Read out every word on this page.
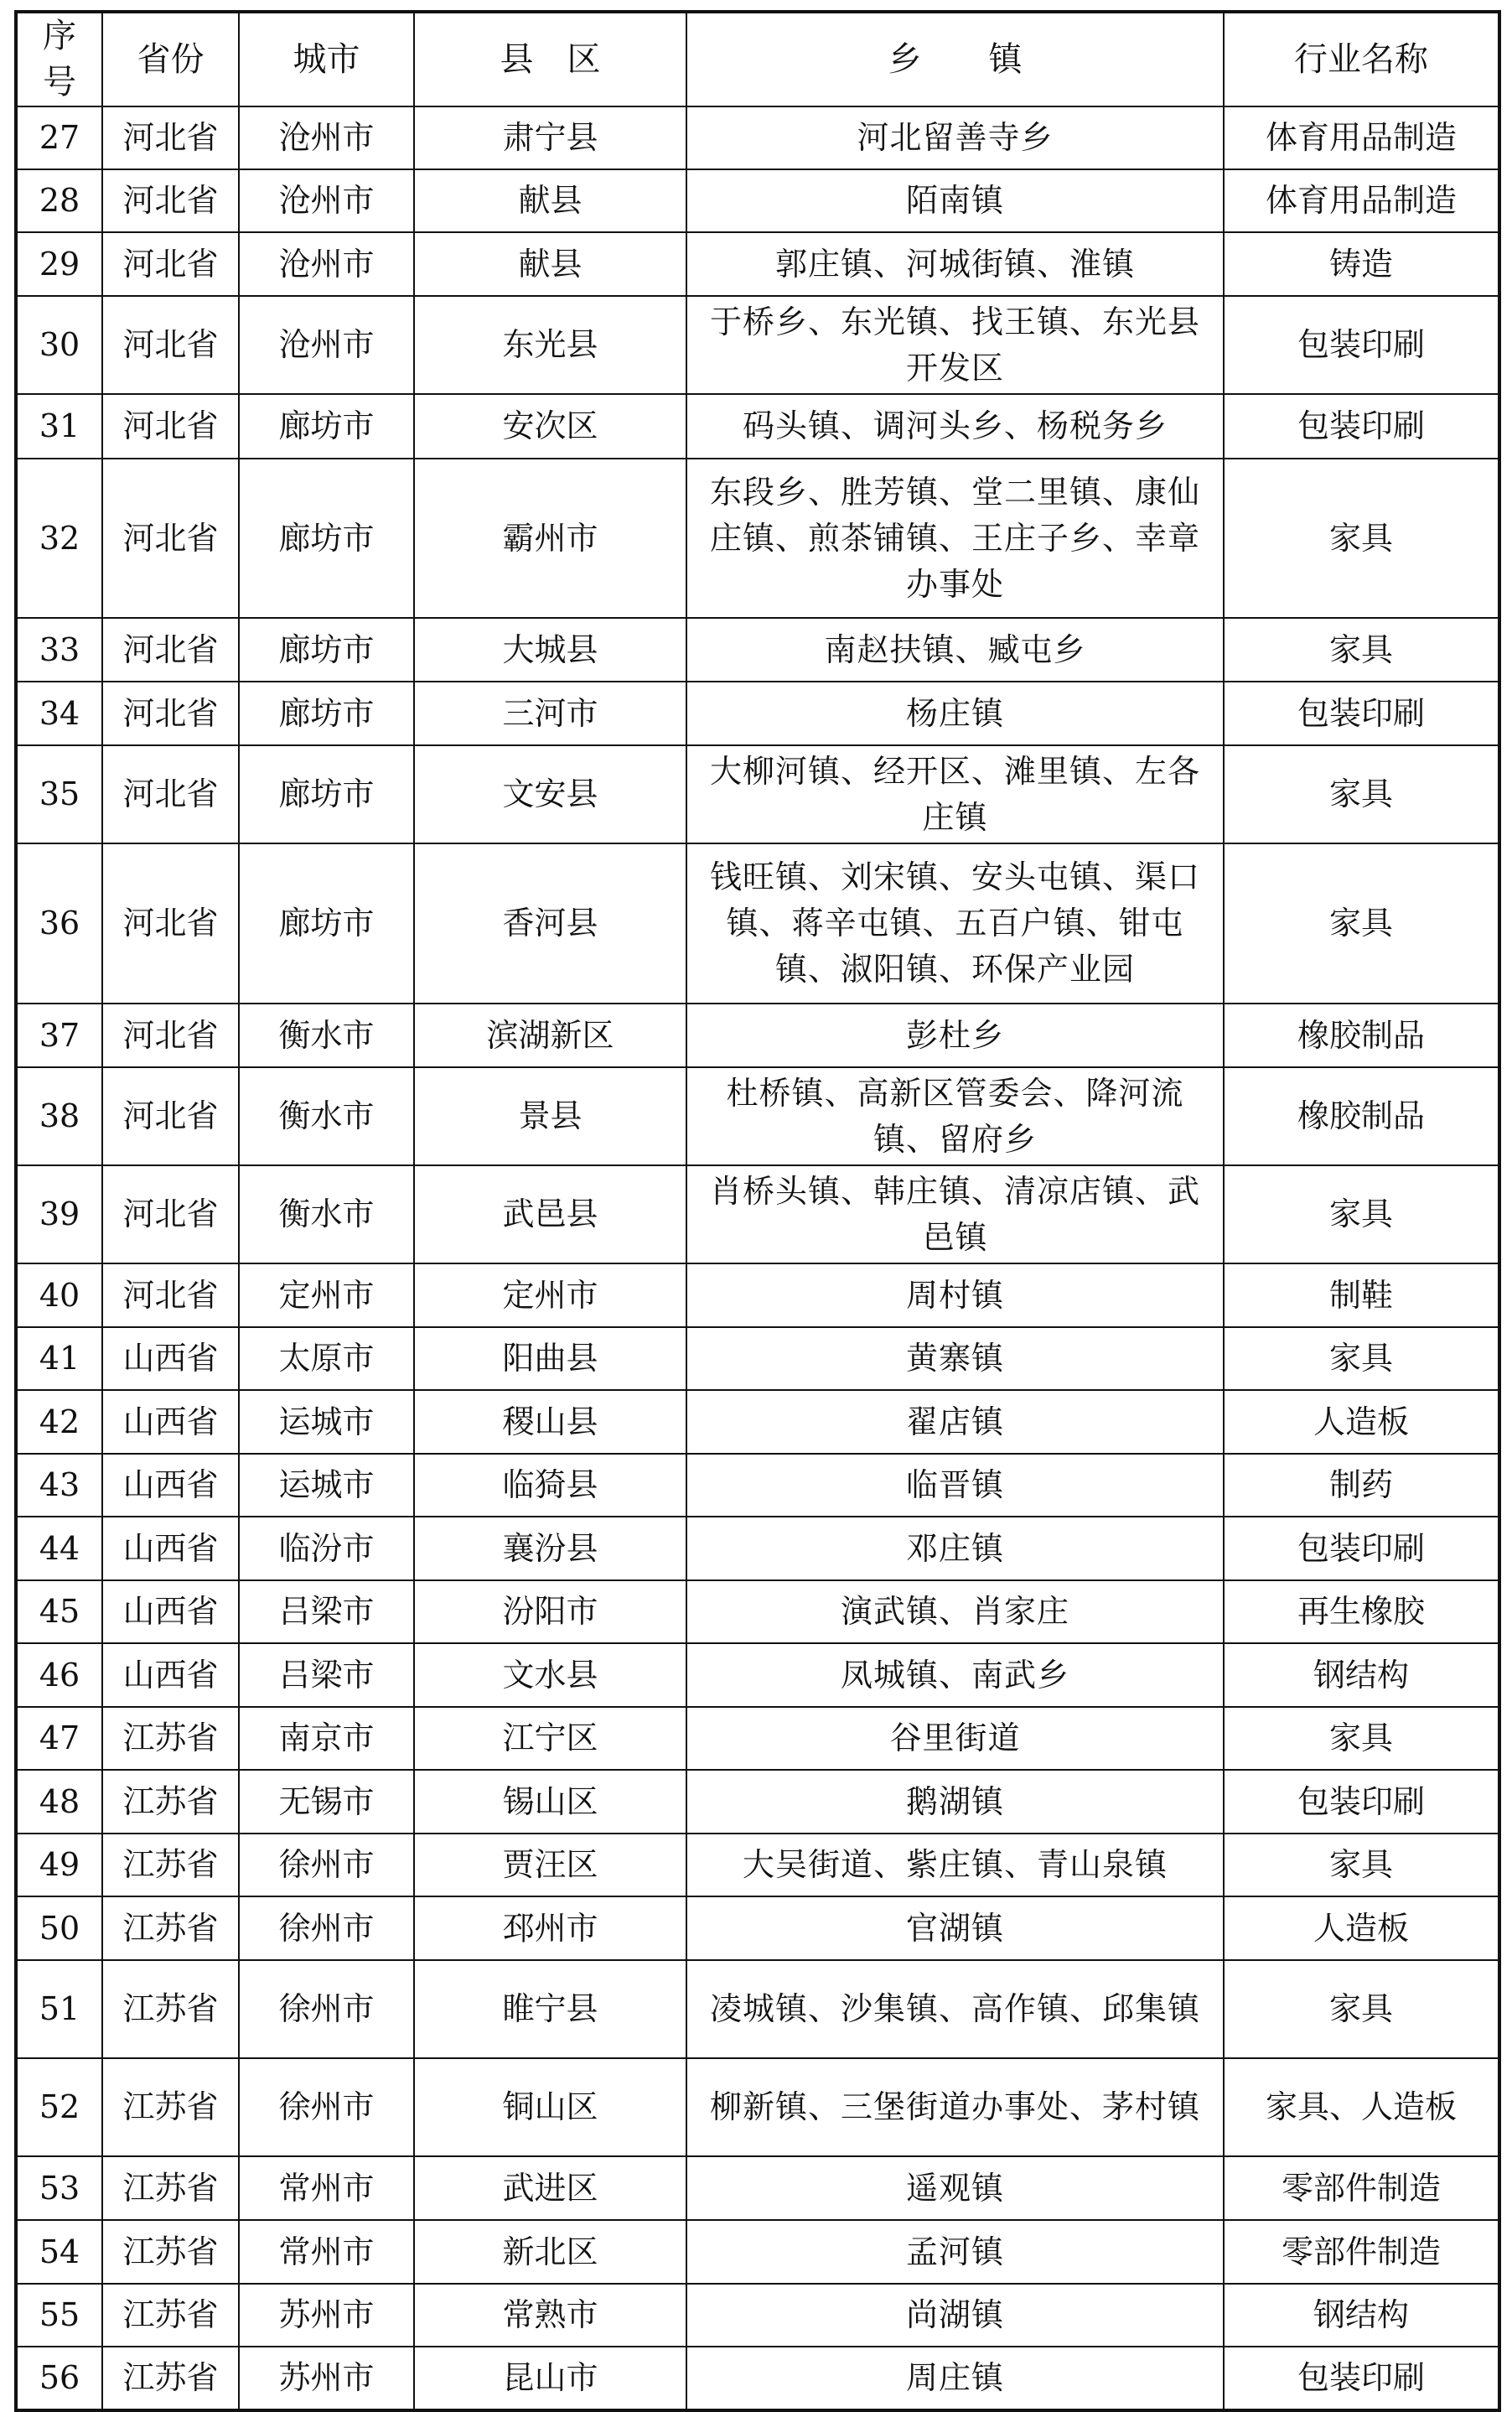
序号	省份	城市	县　区	乡　　镇	行业名称
27	河北省	沧州市	肃宁县	河北留善寺乡	体育用品制造
28	河北省	沧州市	献县	陌南镇	体育用品制造
29	河北省	沧州市	献县	郭庄镇、河城街镇、淮镇	铸造
30	河北省	沧州市	东光县	于桥乡、东光镇、找王镇、东光县开发区	包装印刷
31	河北省	廊坊市	安次区	码头镇、调河头乡、杨税务乡	包装印刷
32	河北省	廊坊市	霸州市	东段乡、胜芳镇、堂二里镇、康仙庄镇、煎茶铺镇、王庄子乡、幸章办事处	家具
33	河北省	廊坊市	大城县	南赵扶镇、臧屯乡	家具
34	河北省	廊坊市	三河市	杨庄镇	包装印刷
35	河北省	廊坊市	文安县	大柳河镇、经开区、滩里镇、左各庄镇	家具
36	河北省	廊坊市	香河县	钱旺镇、刘宋镇、安头屯镇、渠口镇、蒋辛屯镇、五百户镇、钳屯镇、淑阳镇、环保产业园	家具
37	河北省	衡水市	滨湖新区	彭杜乡	橡胶制品
38	河北省	衡水市	景县	杜桥镇、高新区管委会、降河流镇、留府乡	橡胶制品
39	河北省	衡水市	武邑县	肖桥头镇、韩庄镇、清凉店镇、武邑镇	家具
40	河北省	定州市	定州市	周村镇	制鞋
41	山西省	太原市	阳曲县	黄寨镇	家具
42	山西省	运城市	稷山县	翟店镇	人造板
43	山西省	运城市	临猗县	临晋镇	制药
44	山西省	临汾市	襄汾县	邓庄镇	包装印刷
45	山西省	吕梁市	汾阳市	演武镇、肖家庄	再生橡胶
46	山西省	吕梁市	文水县	凤城镇、南武乡	钢结构
47	江苏省	南京市	江宁区	谷里街道	家具
48	江苏省	无锡市	锡山区	鹅湖镇	包装印刷
49	江苏省	徐州市	贾汪区	大吴街道、紫庄镇、青山泉镇	家具
50	江苏省	徐州市	邳州市	官湖镇	人造板
51	江苏省	徐州市	睢宁县	凌城镇、沙集镇、高作镇、邱集镇	家具
52	江苏省	徐州市	铜山区	柳新镇、三堡街道办事处、茅村镇	家具、人造板
53	江苏省	常州市	武进区	遥观镇	零部件制造
54	江苏省	常州市	新北区	孟河镇	零部件制造
55	江苏省	苏州市	常熟市	尚湖镇	钢结构
56	江苏省	苏州市	昆山市	周庄镇	包装印刷
